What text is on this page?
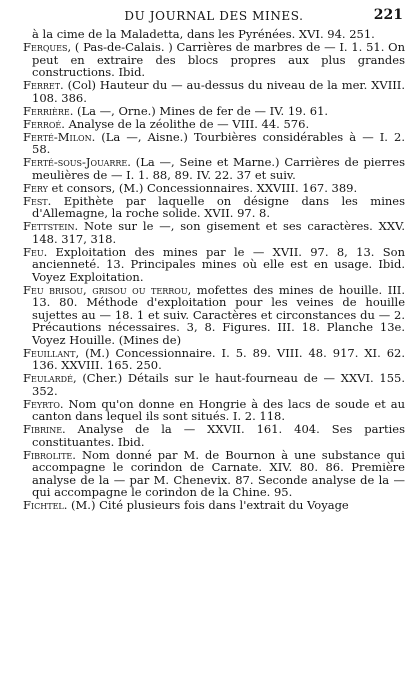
DU JOURNAL DES MINES.	221

à la cime de la Maladetta, dans les Pyrénées. XVI. 94. 251.

Ferques, ( Pas-de-Calais. ) Carrières de marbres de — I. 1. 51. On peut en extraire des blocs propres aux plus grandes constructions. Ibid.

Ferret. (Col) Hauteur du — au-dessus du niveau de la mer. XVIII. 108. 386.

Ferrière. (La —, Orne.) Mines de fer de — IV. 19. 61.

Ferroé. Analyse de la zéolithe de — VIII. 44. 576.

Ferté-Milon. (La —, Aisne.) Tourbières considérables à — I. 2. 58.

Ferté-sous-Jouarre. (La —, Seine et Marne.) Carrières de pierres meulières de — I. 1. 88, 89. IV. 22. 37 et suiv.

Fery et consors, (M.) Concessionnaires. XXVIII. 167. 389.

Fest. Epithète par laquelle on désigne dans les mines d'Allemagne, la roche solide. XVII. 97. 8.

Fettstein. Note sur le —, son gisement et ses caractères. XXV. 148. 317, 318.

Feu. Exploitation des mines par le — XVII. 97. 8, 13. Son ancienneté. 13. Principales mines où elle est en usage. Ibid. Voyez Exploitation.

Feu brisou, grisou ou terrou, mofettes des mines de houille. III. 13. 80. Méthode d'exploitation pour les veines de houille sujettes au — 18. 1 et suiv. Caractères et circonstances du — 2. Précautions nécessaires. 3, 8. Figures. III. 18. Planche 13e. Voyez Houille. (Mines de)

Feuillant, (M.) Concessionnaire. I. 5. 89. VIII. 48. 917. XI. 62. 136. XXVIII. 165. 250.

Feulardé, (Cher.) Détails sur le haut-fourneau de — XXVI. 155. 352.

Feyrto. Nom qu'on donne en Hongrie à des lacs de soude et au canton dans lequel ils sont situés. I. 2. 118.

Fibrine. Analyse de la — XXVII. 161. 404. Ses parties constituantes. Ibid.

Fibrolite. Nom donné par M. de Bournon à une substance qui accompagne le corindon de Carnate. XIV. 80. 86. Première analyse de la — par M. Chenevix. 87. Seconde analyse de la — qui accompagne le corindon de la Chine. 95.

Fichtel. (M.) Cité plusieurs fois dans l'extrait du Voyage
